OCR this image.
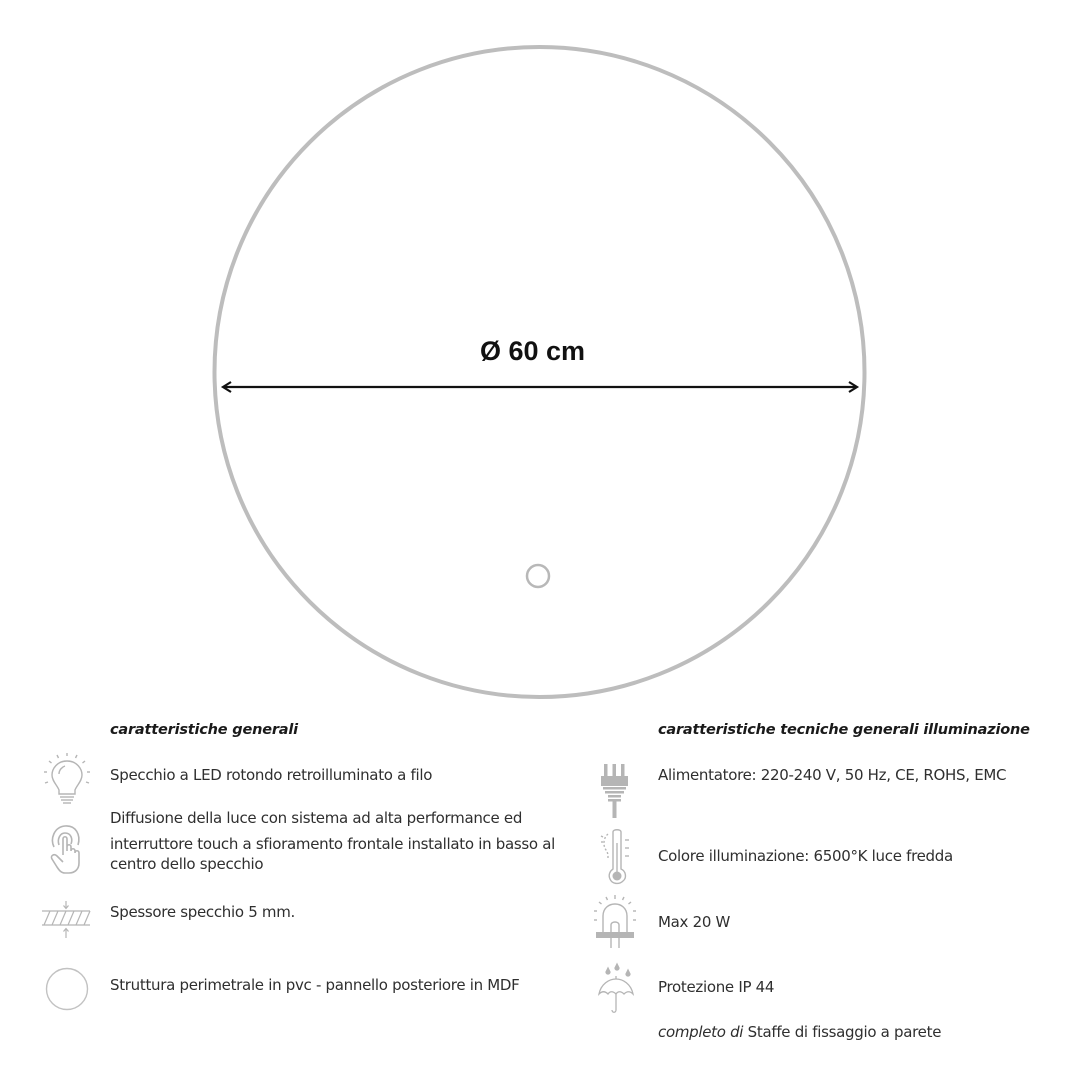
Ø 60 cm
caratteristiche generali
Specchio a LED rotondo retroilluminato a filo
Diffusione della luce con sistema ad alta performance ed
interruttore touch a sfioramento frontale installato in basso al
centro dello specchio
Spessore specchio 5 mm.
Struttura perimetrale in pvc - pannello posteriore in MDF
caratteristiche tecniche generali illuminazione
Alimentatore: 220-240 V, 50 Hz, CE, ROHS, EMC
Colore illuminazione: 6500°K luce fredda
Max 20 W
Protezione IP 44
completo di Staffe di fissaggio a parete
